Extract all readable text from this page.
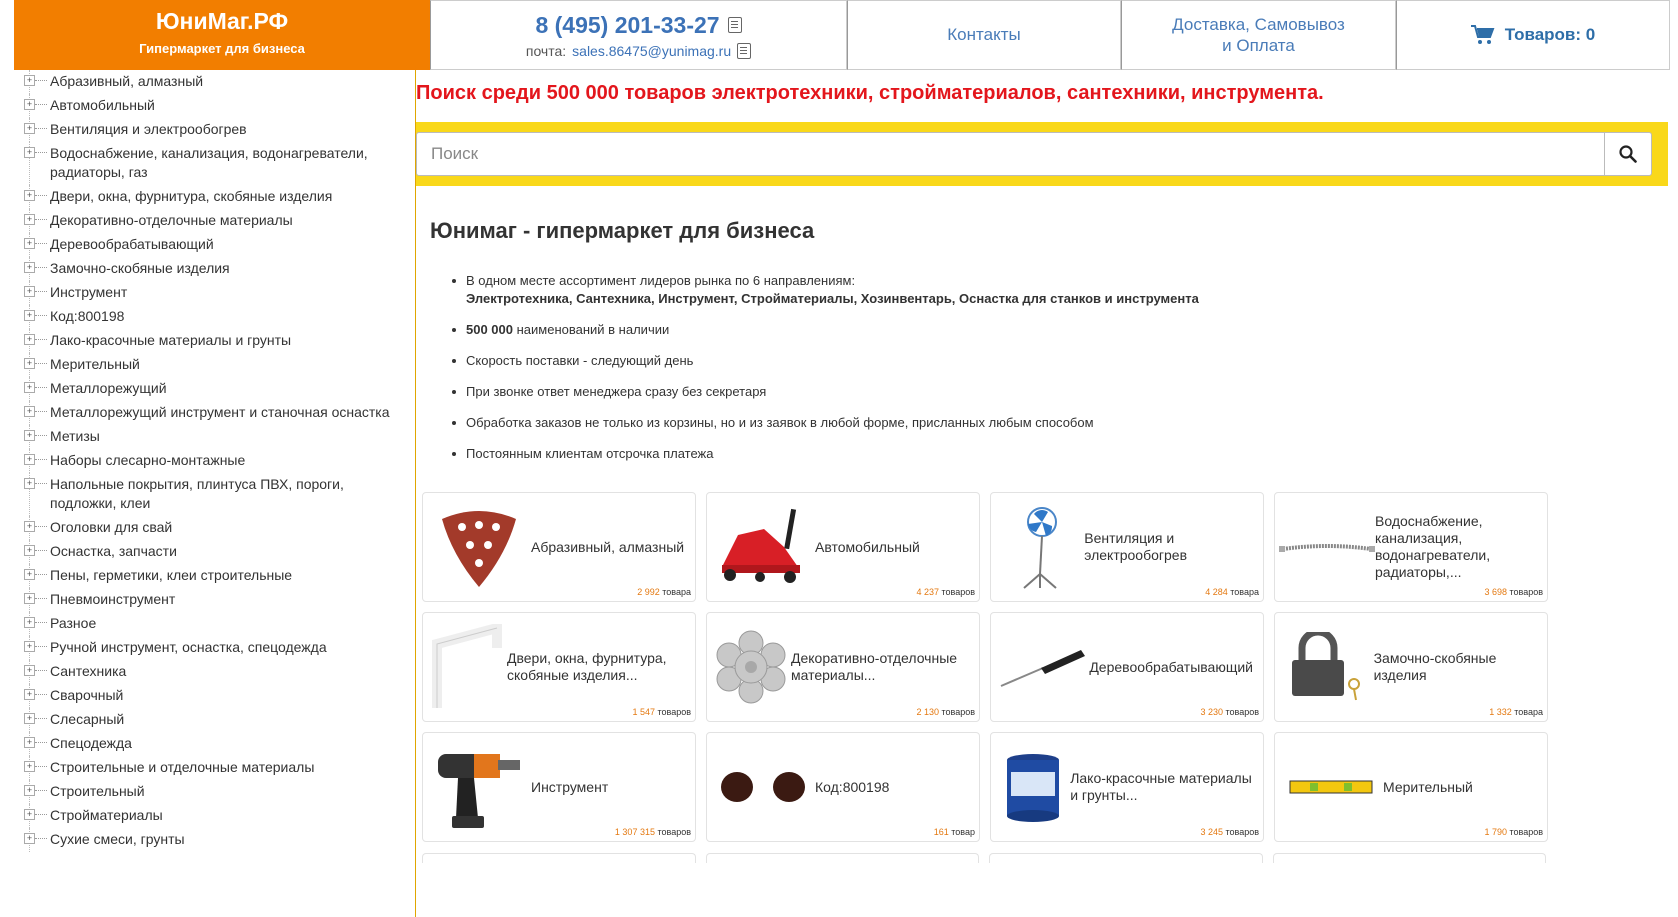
ЮниМаг.РФ
Гипермаркет для бизнеса
8 (495) 201-33-27
почта: sales.86475@yunimag.ru
Контакты
Доставка, Самовывоз
и Оплата
Товаров: 0
+ Абразивный, алмазный
+ Автомобильный
+ Вентиляция и электрообогрев
+ Водоснабжение, канализация, водонагреватели, радиаторы, газ
+ Двери, окна, фурнитура, скобяные изделия
+ Декоративно-отделочные материалы
+ Деревообрабатывающий
+ Замочно-скобяные изделия
+ Инструмент
+ Код:800198
+ Лако-красочные материалы и грунты
+ Мерительный
+ Металлорежущий
+ Металлорежущий инструмент и станочная оснастка
+ Метизы
+ Наборы слесарно-монтажные
+ Напольные покрытия, плинтуса ПВХ, пороги, подложки, клеи
+ Оголовки для свай
+ Оснастка, запчасти
+ Пены, герметики, клеи строительные
+ Пневмоинструмент
+ Разное
+ Ручной инструмент, оснастка, спецодежда
+ Сантехника
+ Сварочный
+ Слесарный
+ Спецодежда
+ Строительные и отделочные материалы
+ Строительный
+ Стройматериалы
+ Сухие смеси, грунты
Поиск среди 500 000 товаров электротехники, стройматериалов, сантехники, инструмента.
Поиск
Юнимаг - гипермаркет для бизнеса
В одном месте ассортимент лидеров рынка по 6 направлениям:
Электротехника, Сантехника, Инструмент, Стройматериалы, Хозинвентарь, Оснастка для станков и инструмента
500 000 наименований в наличии
Скорость поставки - следующий день
При звонке ответ менеджера сразу без секретаря
Обработка заказов не только из корзины, но и из заявок в любой форме, присланных любым способом
Постоянным клиентам отсрочка платежа
Абразивный, алмазный
2 992 товара
Автомобильный
4 237 товаров
Вентиляция и электрообогрев
4 284 товара
Водоснабжение, канализация, водонагреватели, радиаторы,...
3 698 товаров
Двери, окна, фурнитура, скобяные изделия...
1 547 товаров
Декоративно-отделочные материалы...
2 130 товаров
Деревообрабатывающий
3 230 товаров
Замочно-скобяные изделия
1 332 товара
Инструмент
1 307 315 товаров
Код:800198
161 товар
Лако-красочные материалы и грунты...
3 245 товаров
Мерительный
1 790 товаров
